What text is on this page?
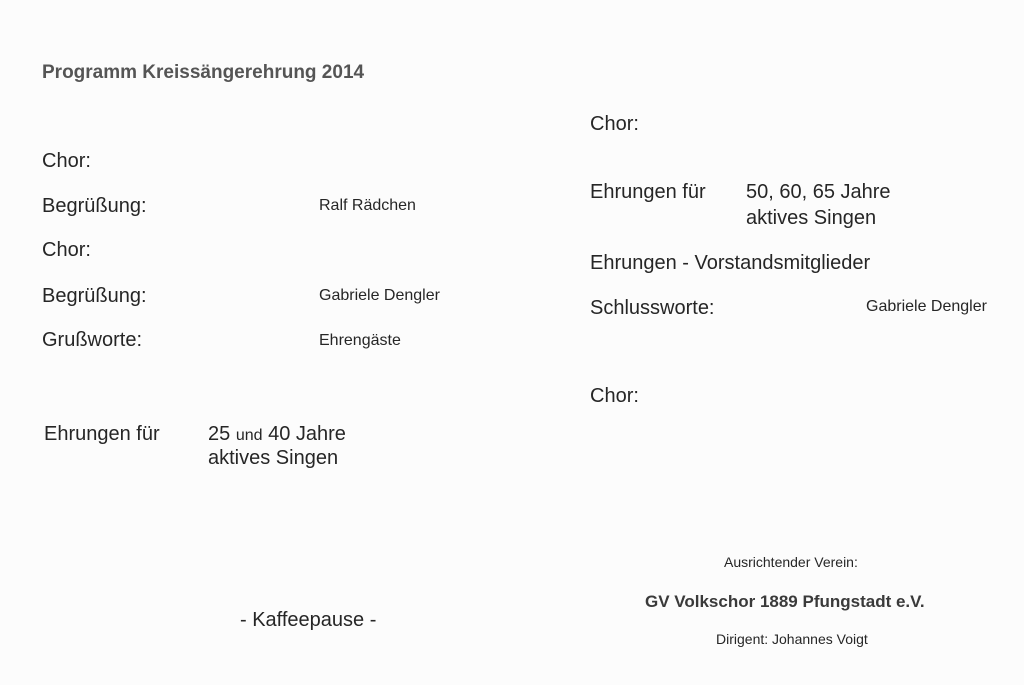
Programm Kreissängerehrung 2014
Chor:
Begrüßung:	Ralf Rädchen
Chor:
Begrüßung:	Gabriele Dengler
Grußworte:	Ehrengäste
Ehrungen für 25 und 40 Jahre
aktives Singen
- Kaffeepause -
Chor:
Ehrungen für 50, 60, 65 Jahre
aktives Singen
Ehrungen - Vorstandsmitglieder
Schlussworte:	Gabriele Dengler
Chor:
Ausrichtender Verein:
GV Volkschor 1889 Pfungstadt e.V.
Dirigent: Johannes Voigt
